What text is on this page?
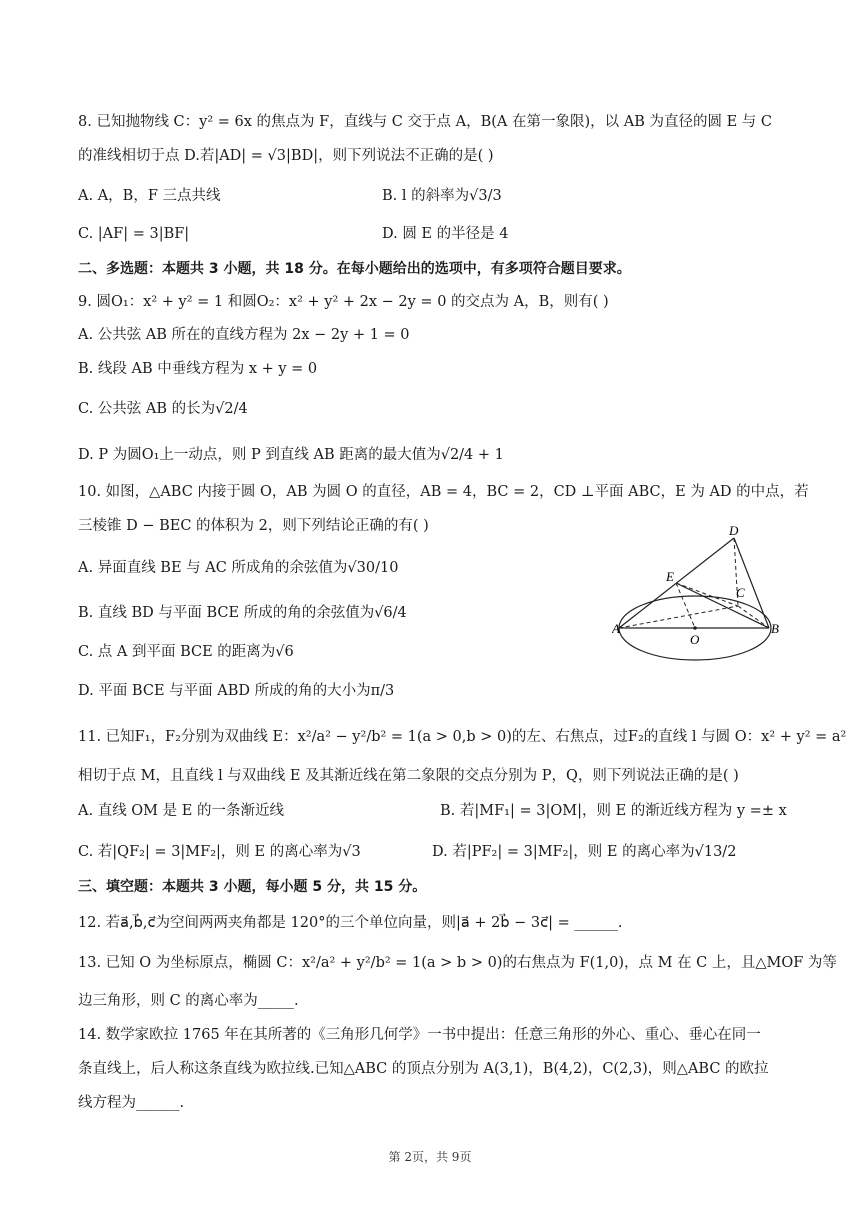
8. 已知抛物线 C：y² = 6x 的焦点为 F，直线与 C 交于点 A，B(A 在第一象限)，以 AB 为直径的圆 E 与 C
的准线相切于点 D.若|AD| = √3|BD|，则下列说法不正确的是( )
A. A，B，F 三点共线	B. l 的斜率为√3/3
C. |AF| = 3|BF|	D. 圆 E 的半径是 4
二、多选题：本题共 3 小题，共 18 分。在每小题给出的选项中，有多项符合题目要求。
9. 圆O₁：x² + y² = 1 和圆O₂：x² + y² + 2x − 2y = 0 的交点为 A，B，则有( )
A. 公共弦 AB 所在的直线方程为 2x − 2y + 1 = 0
B. 线段 AB 中垂线方程为 x + y = 0
C. 公共弦 AB 的长为√2/4
D. P 为圆O₁上一动点，则 P 到直线 AB 距离的最大值为√2/4 + 1
10. 如图，△ABC 内接于圆 O，AB 为圆 O 的直径，AB = 4，BC = 2，CD ⊥平面 ABC，E 为 AD 的中点，若
三棱锥 D − BEC 的体积为 2，则下列结论正确的有( )
A. 异面直线 BE 与 AC 所成角的余弦值为√30/10
B. 直线 BD 与平面 BCE 所成的角的余弦值为√6/4
C. 点 A 到平面 BCE 的距离为√6
D. 平面 BCE 与平面 ABD 所成的角的大小为π/3
A	B
C
D
E
O
11. 已知F₁，F₂分别为双曲线 E：x²/a² − y²/b² = 1(a > 0,b > 0)的左、右焦点，过F₂的直线 l 与圆 O：x² + y² = a²
相切于点 M，且直线 l 与双曲线 E 及其渐近线在第二象限的交点分别为 P，Q，则下列说法正确的是( )
A. 直线 OM 是 E 的一条渐近线	B. 若|MF₁| = 3|OM|，则 E 的渐近线方程为 y =± x
C. 若|QF₂| = 3|MF₂|，则 E 的离心率为√3	D. 若|PF₂| = 3|MF₂|，则 E 的离心率为√13/2
三、填空题：本题共 3 小题，每小题 5 分，共 15 分。
12. 若a⃗,b⃗,c⃗为空间两两夹角都是 120°的三个单位向量，则|a⃗ + 2b⃗ − 3c⃗| = ______.
13. 已知 O 为坐标原点，椭圆 C：x²/a² + y²/b² = 1(a > b > 0)的右焦点为 F(1,0)，点 M 在 C 上，且△MOF 为等
边三角形，则 C 的离心率为_____.
14. 数学家欧拉 1765 年在其所著的《三角形几何学》一书中提出：任意三角形的外心、重心、垂心在同一
条直线上，后人称这条直线为欧拉线.已知△ABC 的顶点分别为 A(3,1)，B(4,2)，C(2,3)，则△ABC 的欧拉
线方程为______.
第 2页，共 9页
